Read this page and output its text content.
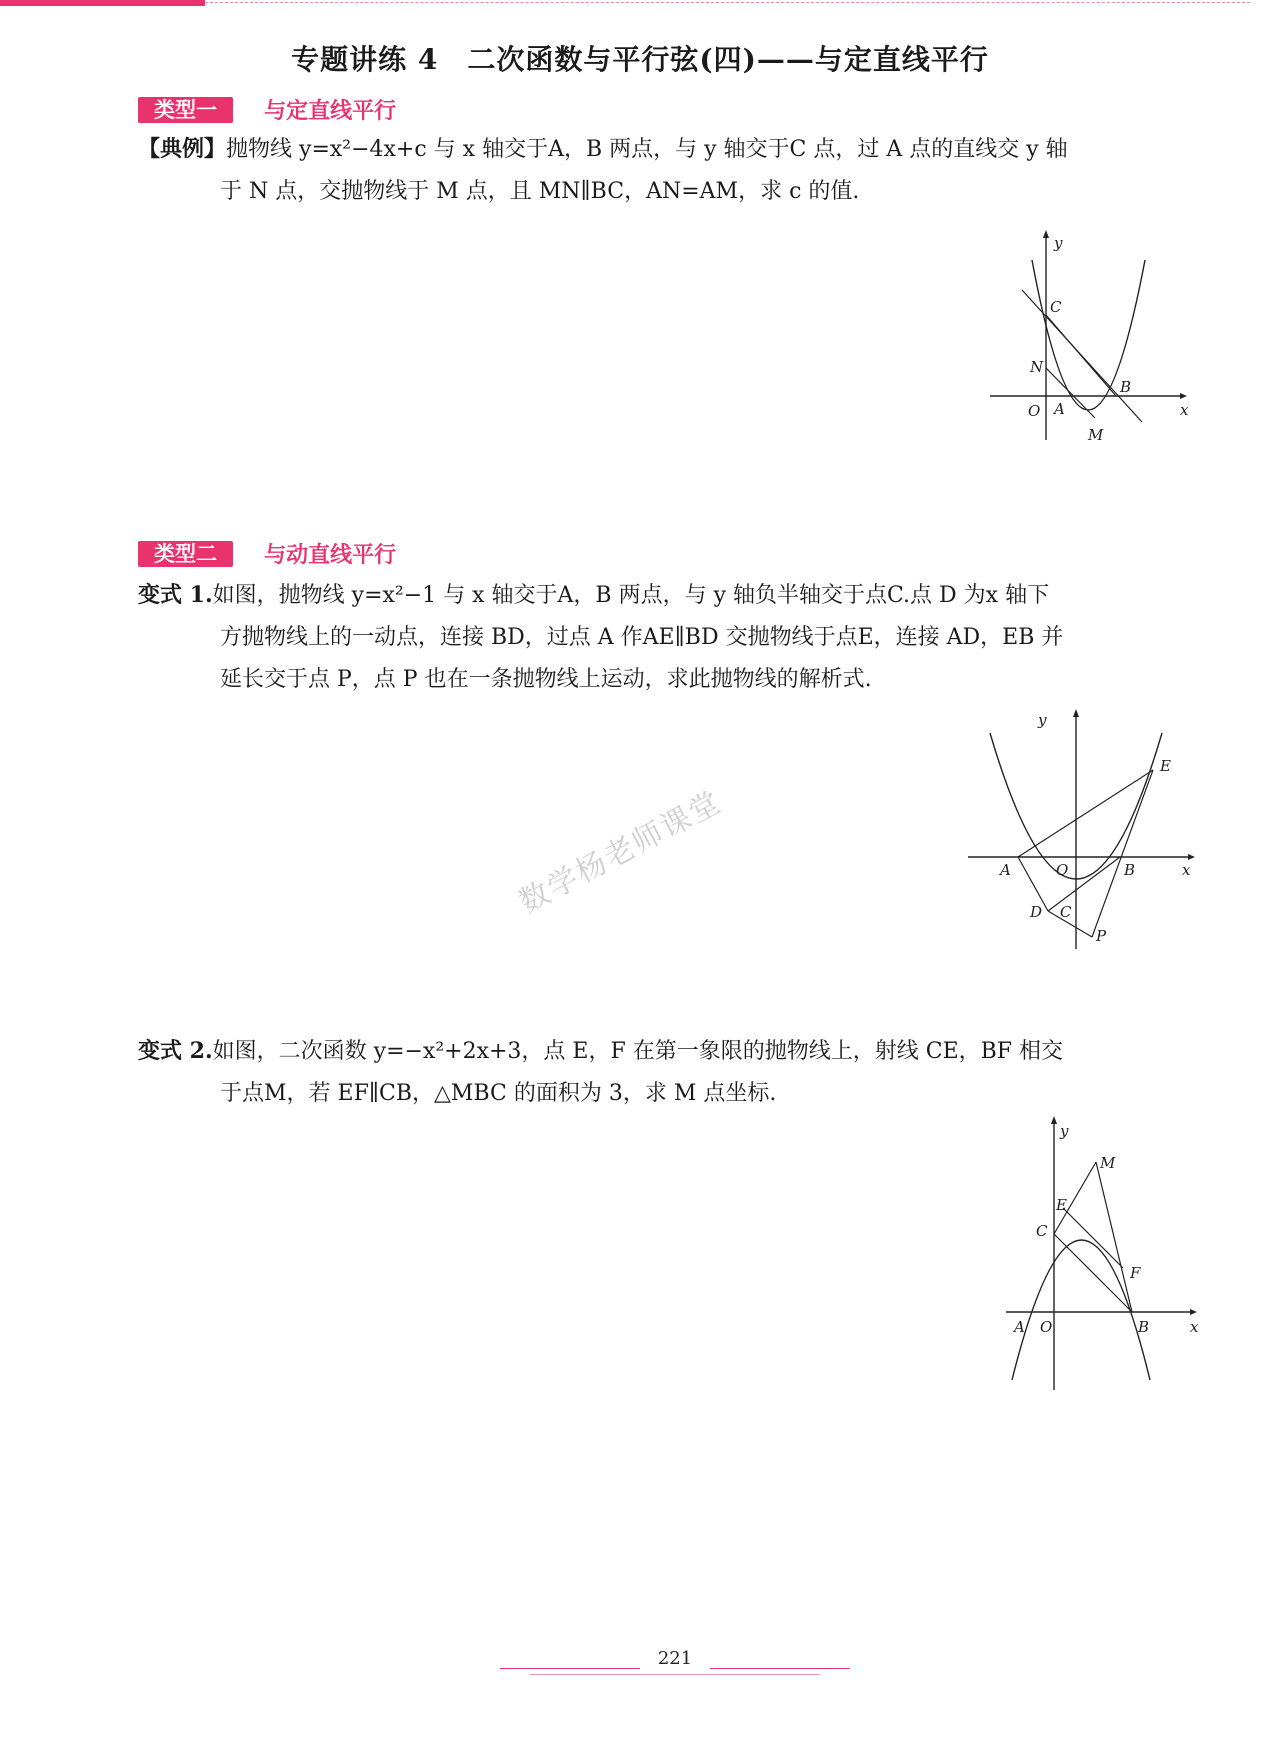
专题讲练 4　二次函数与平行弦(四)——与定直线平行
类型一 与定直线平行
【典例】抛物线 y=x²−4x+c 与 x 轴交于A，B 两点，与 y 轴交于C 点，过 A 点的直线交 y 轴
于 N 点，交抛物线于 M 点，且 MN∥BC，AN=AM，求 c 的值.
y
C
N
O A
B
x
M
类型二 与动直线平行
变式 1.如图，抛物线 y=x²−1 与 x 轴交于A，B 两点，与 y 轴负半轴交于点C.点 D 为x 轴下
方抛物线上的一动点，连接 BD，过点 A 作AE∥BD 交抛物线于点E，连接 AD，EB 并
延长交于点 P，点 P 也在一条抛物线上运动，求此抛物线的解析式.
y
E
A	O	B	x
D C
P
数学杨老师课堂
变式 2.如图，二次函数 y=−x²+2x+3，点 E，F 在第一象限的抛物线上，射线 CE，BF 相交
于点M，若 EF∥CB，△MBC 的面积为 3，求 M 点坐标.
y
M
E
C
F
A O	B	x
221
